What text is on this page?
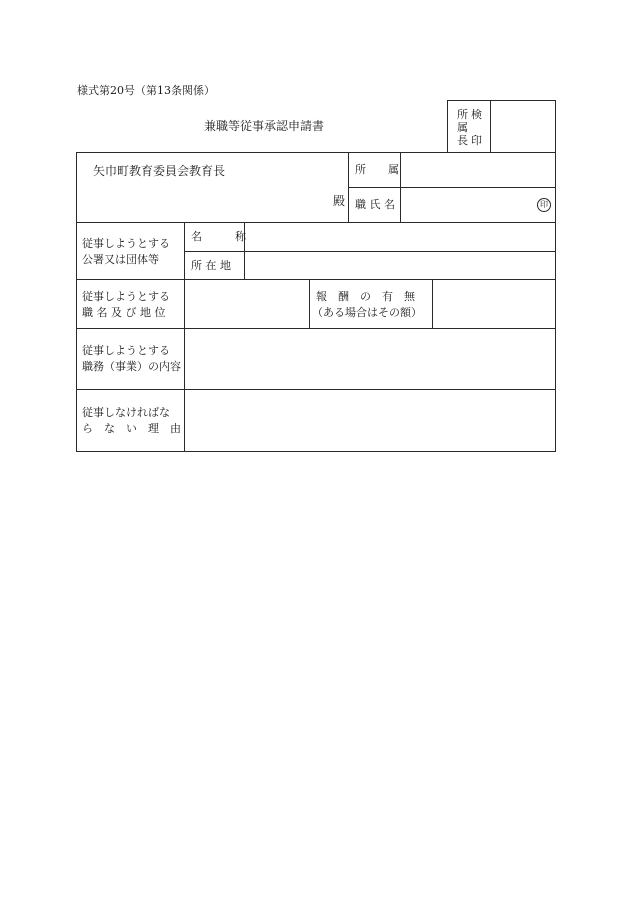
様式第20号（第13条関係）
兼職等従事承認申請書
所
属
長
検
印
矢巾町教育委員会教育長
殿
所　　属
職 氏 名	印
従事しようとする
公署又は団体等
名　　　称
所 在 地
従事しようとする
職 名 及 び 地 位
報　酬　の　有　無
（ある場合はその額）
従事しようとする
職務（事業）の内容
従事しなければな
ら　な　い　理　由
